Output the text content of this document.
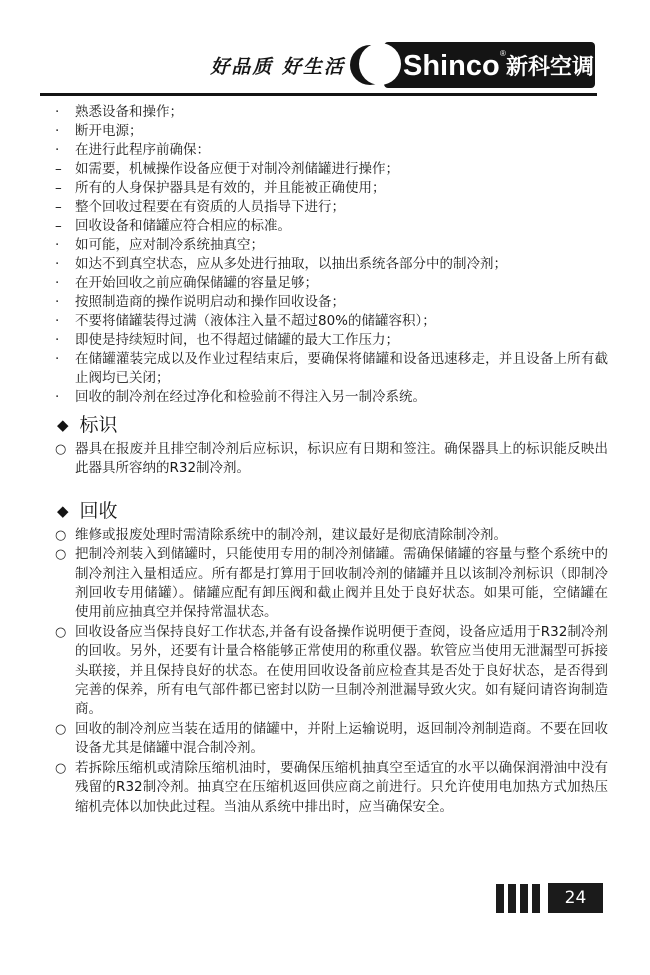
好品质 好生活 Shinco ®
新科空调
·	熟悉设备和操作；
·	断开电源；
·	在进行此程序前确保：
– 如需要，机械操作设备应便于对制冷剂储罐进行操作；
– 所有的人身保护器具是有效的，并且能被正确使用；
– 整个回收过程要在有资质的人员指导下进行；
– 回收设备和储罐应符合相应的标准。
·	如可能，应对制冷系统抽真空；
·	如达不到真空状态，应从多处进行抽取，以抽出系统各部分中的制冷剂；
·	在开始回收之前应确保储罐的容量足够；
·	按照制造商的操作说明启动和操作回收设备；
·	不要将储罐装得过满（液体注入量不超过80%的储罐容积）；
·	即使是持续短时间，也不得超过储罐的最大工作压力；
·	在储罐灌装完成以及作业过程结束后，要确保将储罐和设备迅速移走，并且设备上所有截止阀均已关闭；
·	回收的制冷剂在经过净化和检验前不得注入另一制冷系统。
◆ 标识
○ 器具在报废并且排空制冷剂后应标识，标识应有日期和签注。确保器具上的标识能反映出此器具所容纳的R32制冷剂。
◆ 回收
○ 维修或报废处理时需清除系统中的制冷剂，建议最好是彻底清除制冷剂。
○ 把制冷剂装入到储罐时，只能使用专用的制冷剂储罐。需确保储罐的容量与整个系统中的制冷剂注入量相适应。所有都是打算用于回收制冷剂的储罐并且以该制冷剂标识（即制冷剂回收专用储罐）。储罐应配有卸压阀和截止阀并且处于良好状态。如果可能，空储罐在使用前应抽真空并保持常温状态。
○ 回收设备应当保持良好工作状态,并备有设备操作说明便于查阅，设备应适用于R32制冷剂的回收。另外，还要有计量合格能够正常使用的称重仪器。软管应当使用无泄漏型可拆接头联接，并且保持良好的状态。在使用回收设备前应检查其是否处于良好状态，是否得到完善的保养，所有电气部件都已密封以防一旦制冷剂泄漏导致火灾。如有疑问请咨询制造商。
○ 回收的制冷剂应当装在适用的储罐中，并附上运输说明，返回制冷剂制造商。不要在回收设备尤其是储罐中混合制冷剂。
○ 若拆除压缩机或清除压缩机油时，要确保压缩机抽真空至适宜的水平以确保润滑油中没有残留的R32制冷剂。抽真空在压缩机返回供应商之前进行。只允许使用电加热方式加热压缩机壳体以加快此过程。当油从系统中排出时，应当确保安全。
24
